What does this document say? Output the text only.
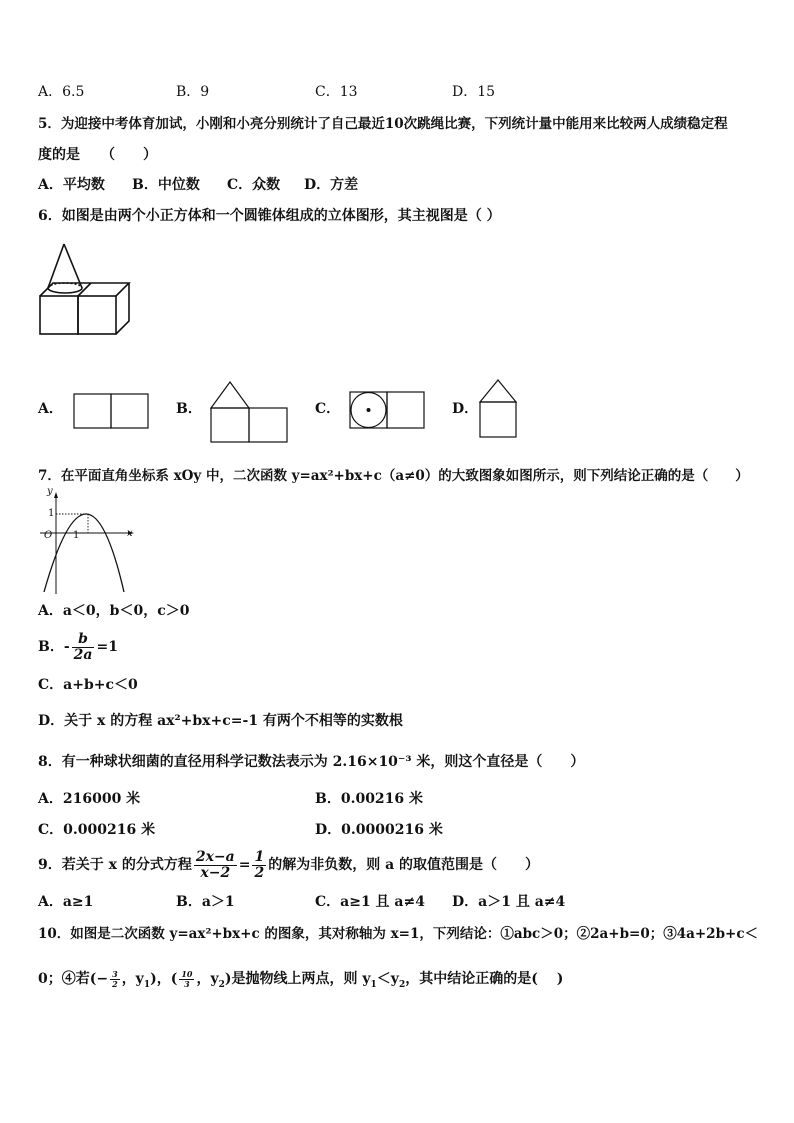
A．6.5	B．9	C．13	D．15
5．为迎接中考体育加试，小刚和小亮分别统计了自己最近10次跳绳比赛，下列统计量中能用来比较两人成绩稳定程
度的是　　（　　）
A．平均数 B．中位数 C．众数 D．方差
6．如图是由两个小正方体和一个圆锥体组成的立体图形，其主视图是（ ）
A．	B．	C．	D．
7．在平面直角坐标系 xOy 中，二次函数 y=ax²+bx+c（a≠0）的大致图象如图所示，则下列结论正确的是（　　）
y
x
O 1
1
A．a＜0，b＜0，c＞0
B．- $\frac{b}{2a} =1$
C．a+b+c＜0
D．关于 x 的方程 ax²+bx+c=-1 有两个不相等的实数根
8．有一种球状细菌的直径用科学记数法表示为 2.16×10⁻³ 米，则这个直径是（　　）
A．216000 米	B．0.00216 米
C．0.000216 米	D．0.0000216 米
9．若关于 x 的分式方程 $\frac{2x-a}{x-2} = \frac{1}{2}$ 的解为非负数，则 a 的取值范围是（　　）
A．a≥1	B．a＞1	C．a≥1 且 a≠4 D．a＞1 且 a≠4
10．如图是二次函数 y=ax²+bx+c 的图象，其对称轴为 x=1，下列结论：①abc＞0；②2a+b=0；③4a+2b+c＜
0；④若(− $\frac{3}{2}$ ，$y_1$)，( $\frac{10}{3}$ ，$y_2$)是抛物线上两点，则 $y_1<y_2$，其中结论正确的是(　 )
